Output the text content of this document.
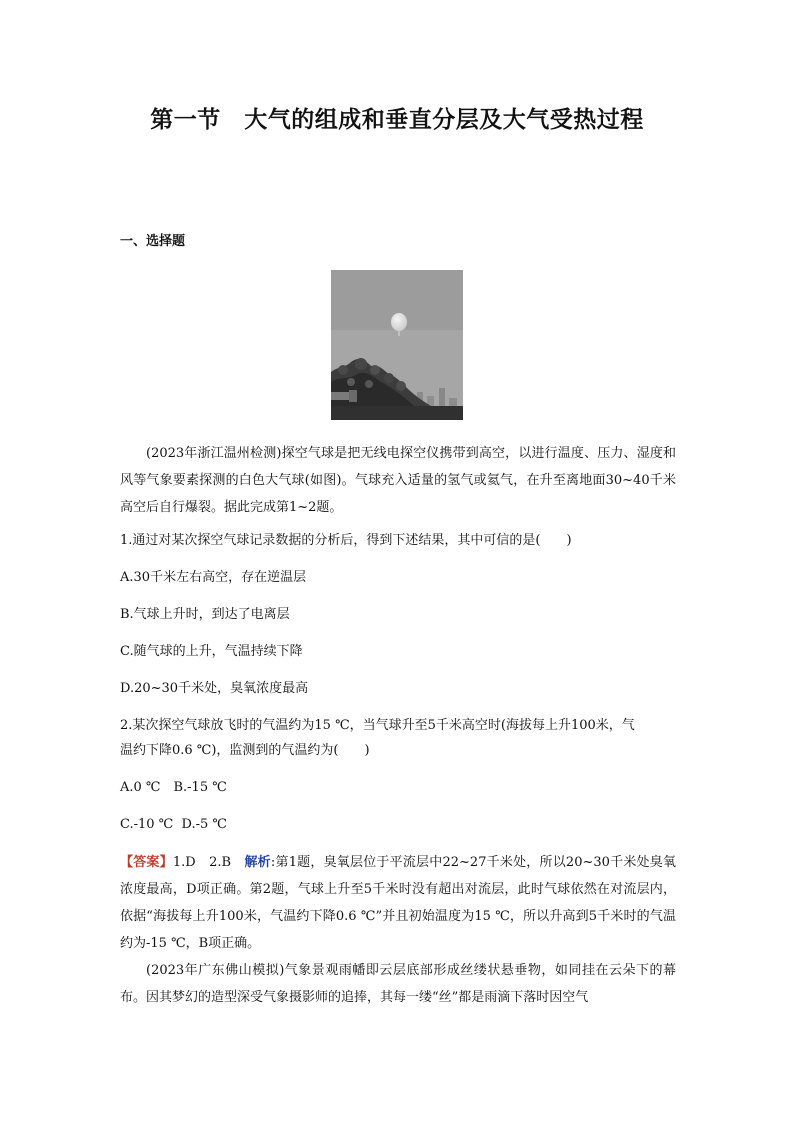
第一节　大气的组成和垂直分层及大气受热过程
一、选择题
(2023年浙江温州检测)探空气球是把无线电探空仪携带到高空，以进行温度、压力、湿度和风等气象要素探测的白色大气球(如图)。气球充入适量的氢气或氦气，在升至离地面30~40千米高空后自行爆裂。据此完成第1~2题。
1.通过对某次探空气球记录数据的分析后，得到下述结果，其中可信的是(　　)
A.30千米左右高空，存在逆温层
B.气球上升时，到达了电离层
C.随气球的上升，气温持续下降
D.20~30千米处，臭氧浓度最高
2.某次探空气球放飞时的气温约为15 ℃，当气球升至5千米高空时(海拔每上升100米，气
温约下降0.6 ℃)，监测到的气温约为(　　)
A.0 ℃　B.-15 ℃
C.-10 ℃  D.-5 ℃
【答案】1.D　2.B　解析:第1题，臭氧层位于平流层中22~27千米处，所以20~30千米处臭氧浓度最高，D项正确。第2题，气球上升至5千米时没有超出对流层，此时气球依然在对流层内，依据“海拔每上升100米，气温约下降0.6 ℃”并且初始温度为15 ℃，所以升高到5千米时的气温约为-15 ℃，B项正确。
(2023年广东佛山模拟)气象景观雨幡即云层底部形成丝缕状悬垂物，如同挂在云朵下的幕布。因其梦幻的造型深受气象摄影师的追捧，其每一缕“丝”都是雨滴下落时因空气
